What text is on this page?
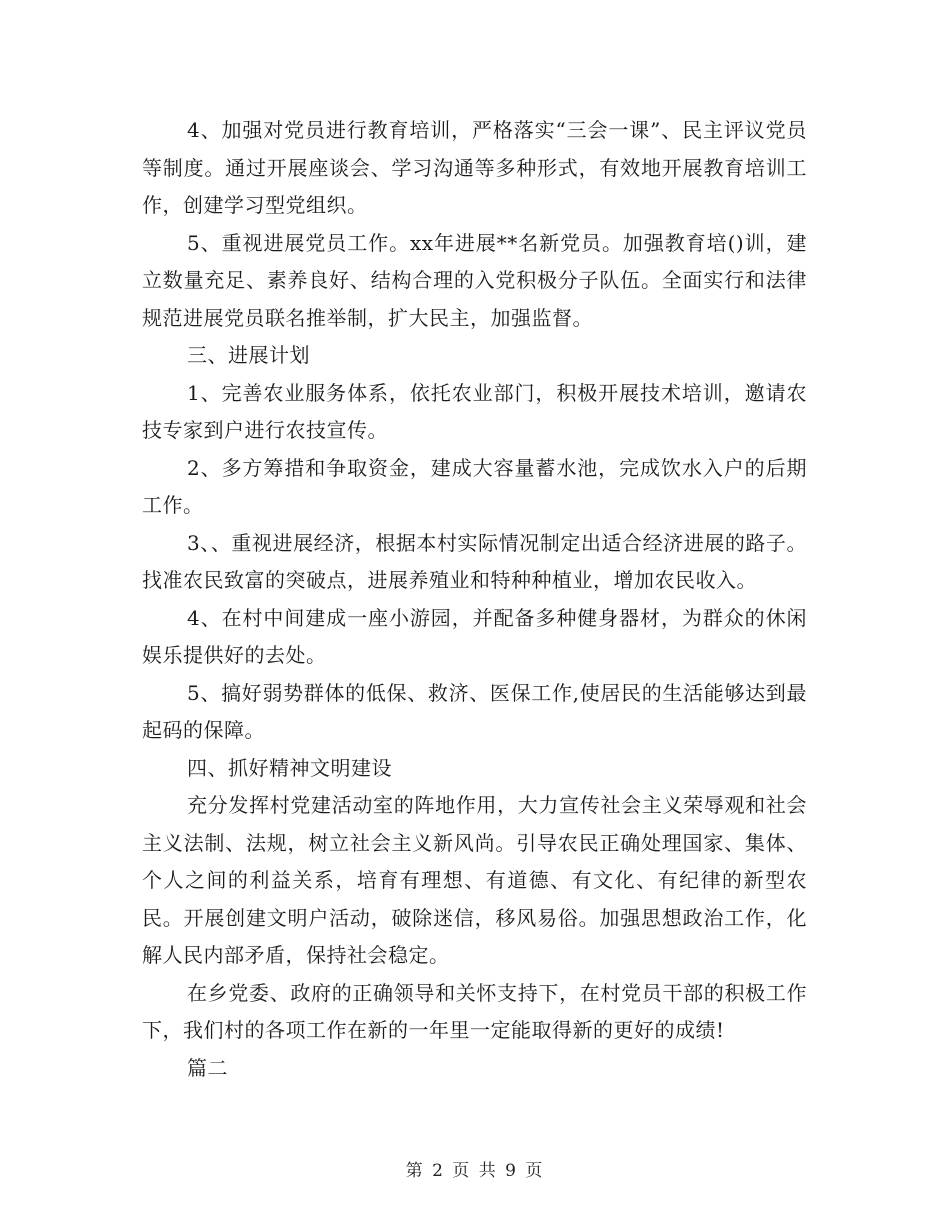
4、加强对党员进行教育培训，严格落实“三会一课”、民主评议党员等制度。通过开展座谈会、学习沟通等多种形式，有效地开展教育培训工作，创建学习型党组织。

5、重视进展党员工作。xx年进展**名新党员。加强教育培()训，建立数量充足、素养良好、结构合理的入党积极分子队伍。全面实行和法律规范进展党员联名推举制，扩大民主，加强监督。

三、进展计划

1、完善农业服务体系，依托农业部门，积极开展技术培训，邀请农技专家到户进行农技宣传。

2、多方筹措和争取资金，建成大容量蓄水池，完成饮水入户的后期工作。

3、、重视进展经济，根据本村实际情况制定出适合经济进展的路子。找准农民致富的突破点，进展养殖业和特种种植业，增加农民收入。

4、在村中间建成一座小游园，并配备多种健身器材，为群众的休闲娱乐提供好的去处。

5、搞好弱势群体的低保、救济、医保工作,使居民的生活能够达到最起码的保障。

四、抓好精神文明建设

充分发挥村党建活动室的阵地作用，大力宣传社会主义荣辱观和社会主义法制、法规，树立社会主义新风尚。引导农民正确处理国家、集体、个人之间的利益关系，培育有理想、有道德、有文化、有纪律的新型农民。开展创建文明户活动，破除迷信，移风易俗。加强思想政治工作，化解人民内部矛盾，保持社会稳定。

在乡党委、政府的正确领导和关怀支持下，在村党员干部的积极工作下，我们村的各项工作在新的一年里一定能取得新的更好的成绩!

篇二

第 2 页 共 9 页
